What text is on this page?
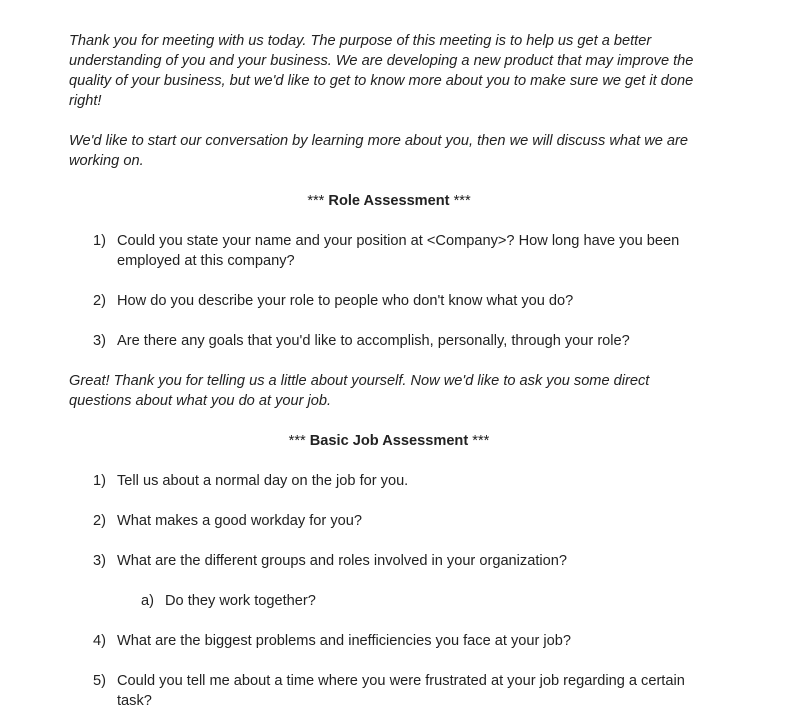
Thank you for meeting with us today. The purpose of this meeting is to help us get a better understanding of you and your business. We are developing a new product that may improve the quality of your business, but we'd like to get to know more about you to make sure we get it done right!

We'd like to start our conversation by learning more about you, then we will discuss what we are working on.

*** Role Assessment ***

1) Could you state your name and your position at <Company>? How long have you been employed at this company?
2) How do you describe your role to people who don't know what you do?
3) Are there any goals that you'd like to accomplish, personally, through your role?

Great! Thank you for telling us a little about yourself. Now we'd like to ask you some direct questions about what you do at your job.

*** Basic Job Assessment ***

1) Tell us about a normal day on the job for you.
2) What makes a good workday for you?
3) What are the different groups and roles involved in your organization?
a) Do they work together?
4) What are the biggest problems and inefficiencies you face at your job?
5) Could you tell me about a time where you were frustrated at your job regarding a certain task?
